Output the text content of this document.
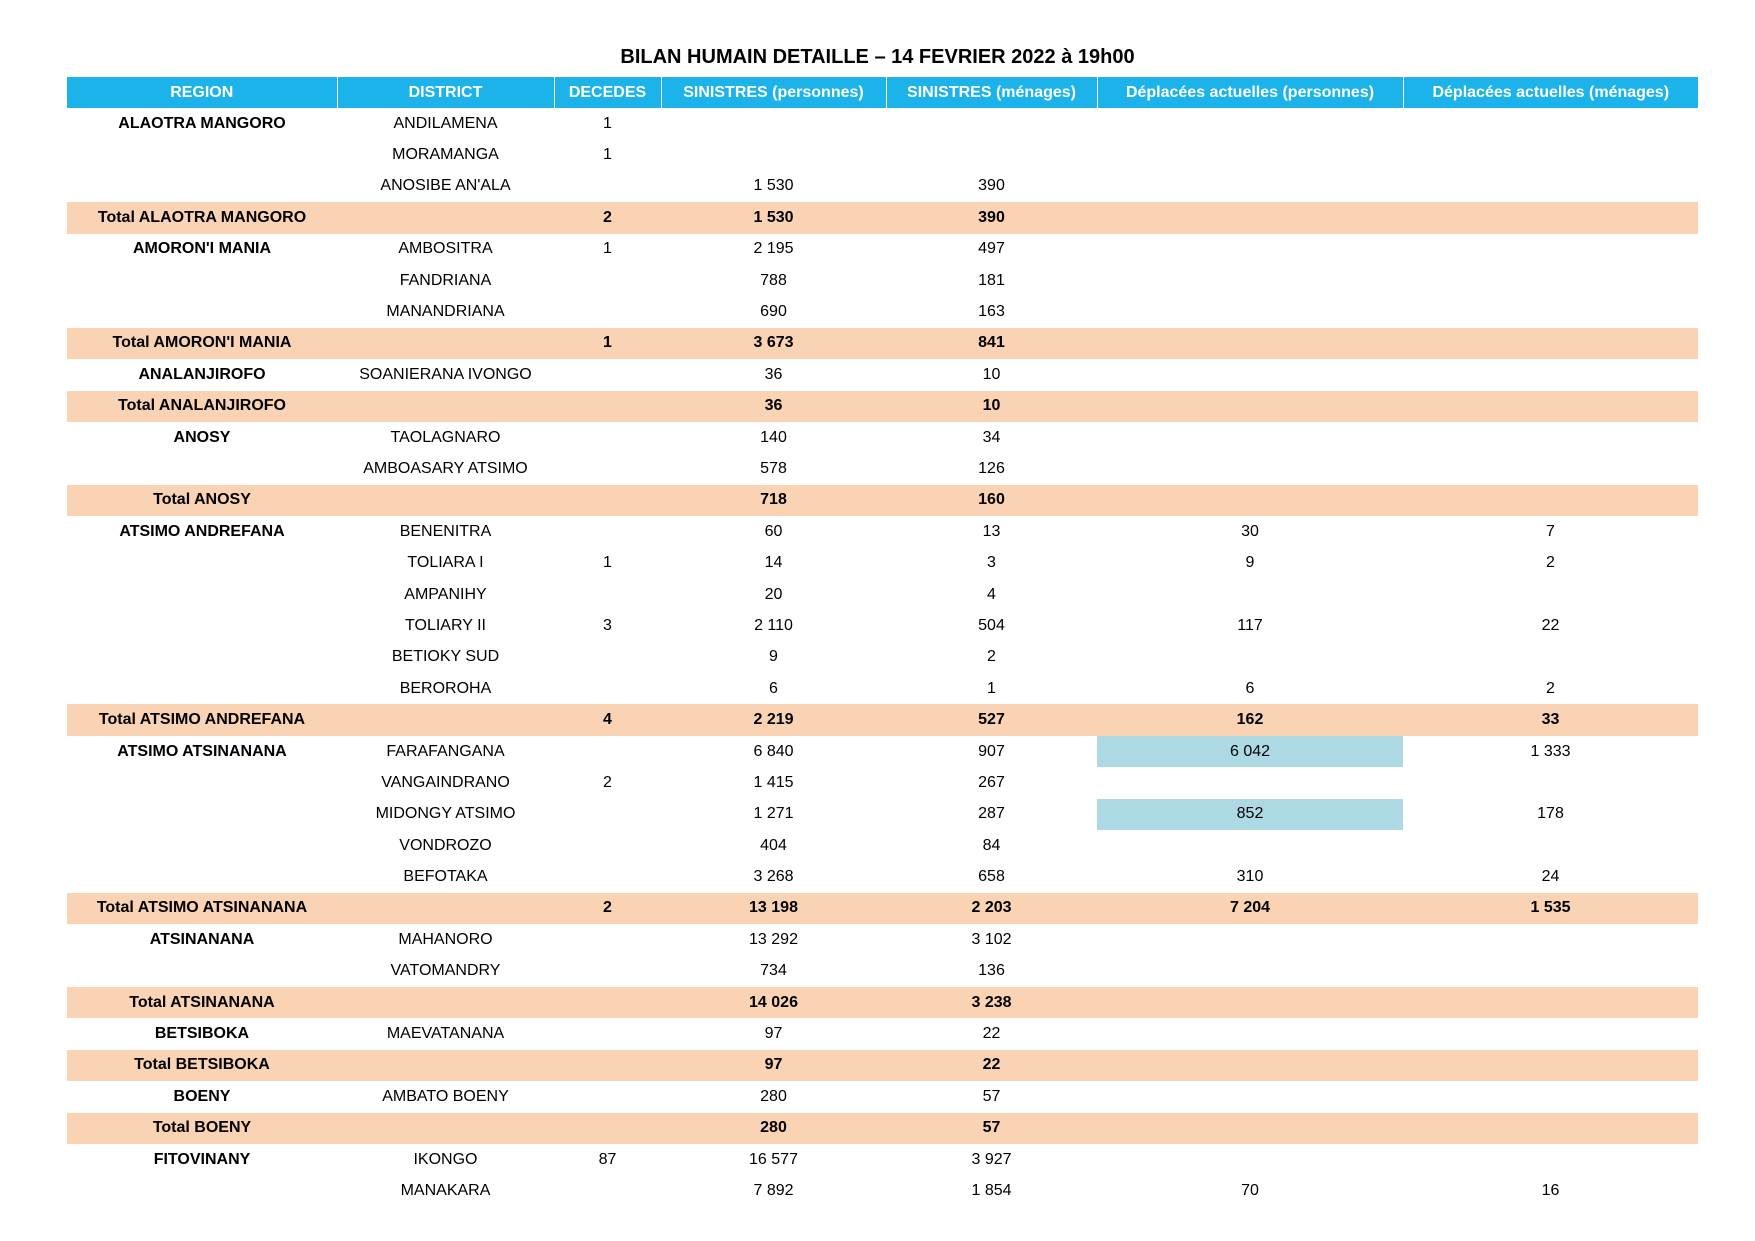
BILAN HUMAIN DETAILLE – 14 FEVRIER 2022 à 19h00
REGION	DISTRICT	DECEDES	SINISTRES (personnes)	SINISTRES (ménages)	Déplacées actuelles (personnes)	Déplacées actuelles (ménages)
ALAOTRA MANGORO	ANDILAMENA	1				
	MORAMANGA	1				
	ANOSIBE AN'ALA		1 530	390		
Total ALAOTRA MANGORO		2	1 530	390		
AMORON'I MANIA	AMBOSITRA	1	2 195	497		
	FANDRIANA		788	181		
	MANANDRIANA		690	163		
Total AMORON'I MANIA		1	3 673	841		
ANALANJIROFO	SOANIERANA IVONGO		36	10		
Total ANALANJIROFO			36	10		
ANOSY	TAOLAGNARO		140	34		
	AMBOASARY ATSIMO		578	126		
Total ANOSY			718	160		
ATSIMO ANDREFANA	BENENITRA		60	13	30	7
	TOLIARA I	1	14	3	9	2
	AMPANIHY		20	4		
	TOLIARY II	3	2 110	504	117	22
	BETIOKY SUD		9	2		
	BEROROHA		6	1	6	2
Total ATSIMO ANDREFANA		4	2 219	527	162	33
ATSIMO ATSINANANA	FARAFANGANA		6 840	907	6 042	1 333
	VANGAINDRANO	2	1 415	267		
	MIDONGY ATSIMO		1 271	287	852	178
	VONDROZO		404	84		
	BEFOTAKA		3 268	658	310	24
Total ATSIMO ATSINANANA		2	13 198	2 203	7 204	1 535
ATSINANANA	MAHANORO		13 292	3 102		
	VATOMANDRY		734	136		
Total ATSINANANA			14 026	3 238		
BETSIBOKA	MAEVATANANA		97	22		
Total BETSIBOKA			97	22		
BOENY	AMBATO BOENY		280	57		
Total BOENY			280	57		
FITOVINANY	IKONGO	87	16 577	3 927		
	MANAKARA		7 892	1 854	70	16
